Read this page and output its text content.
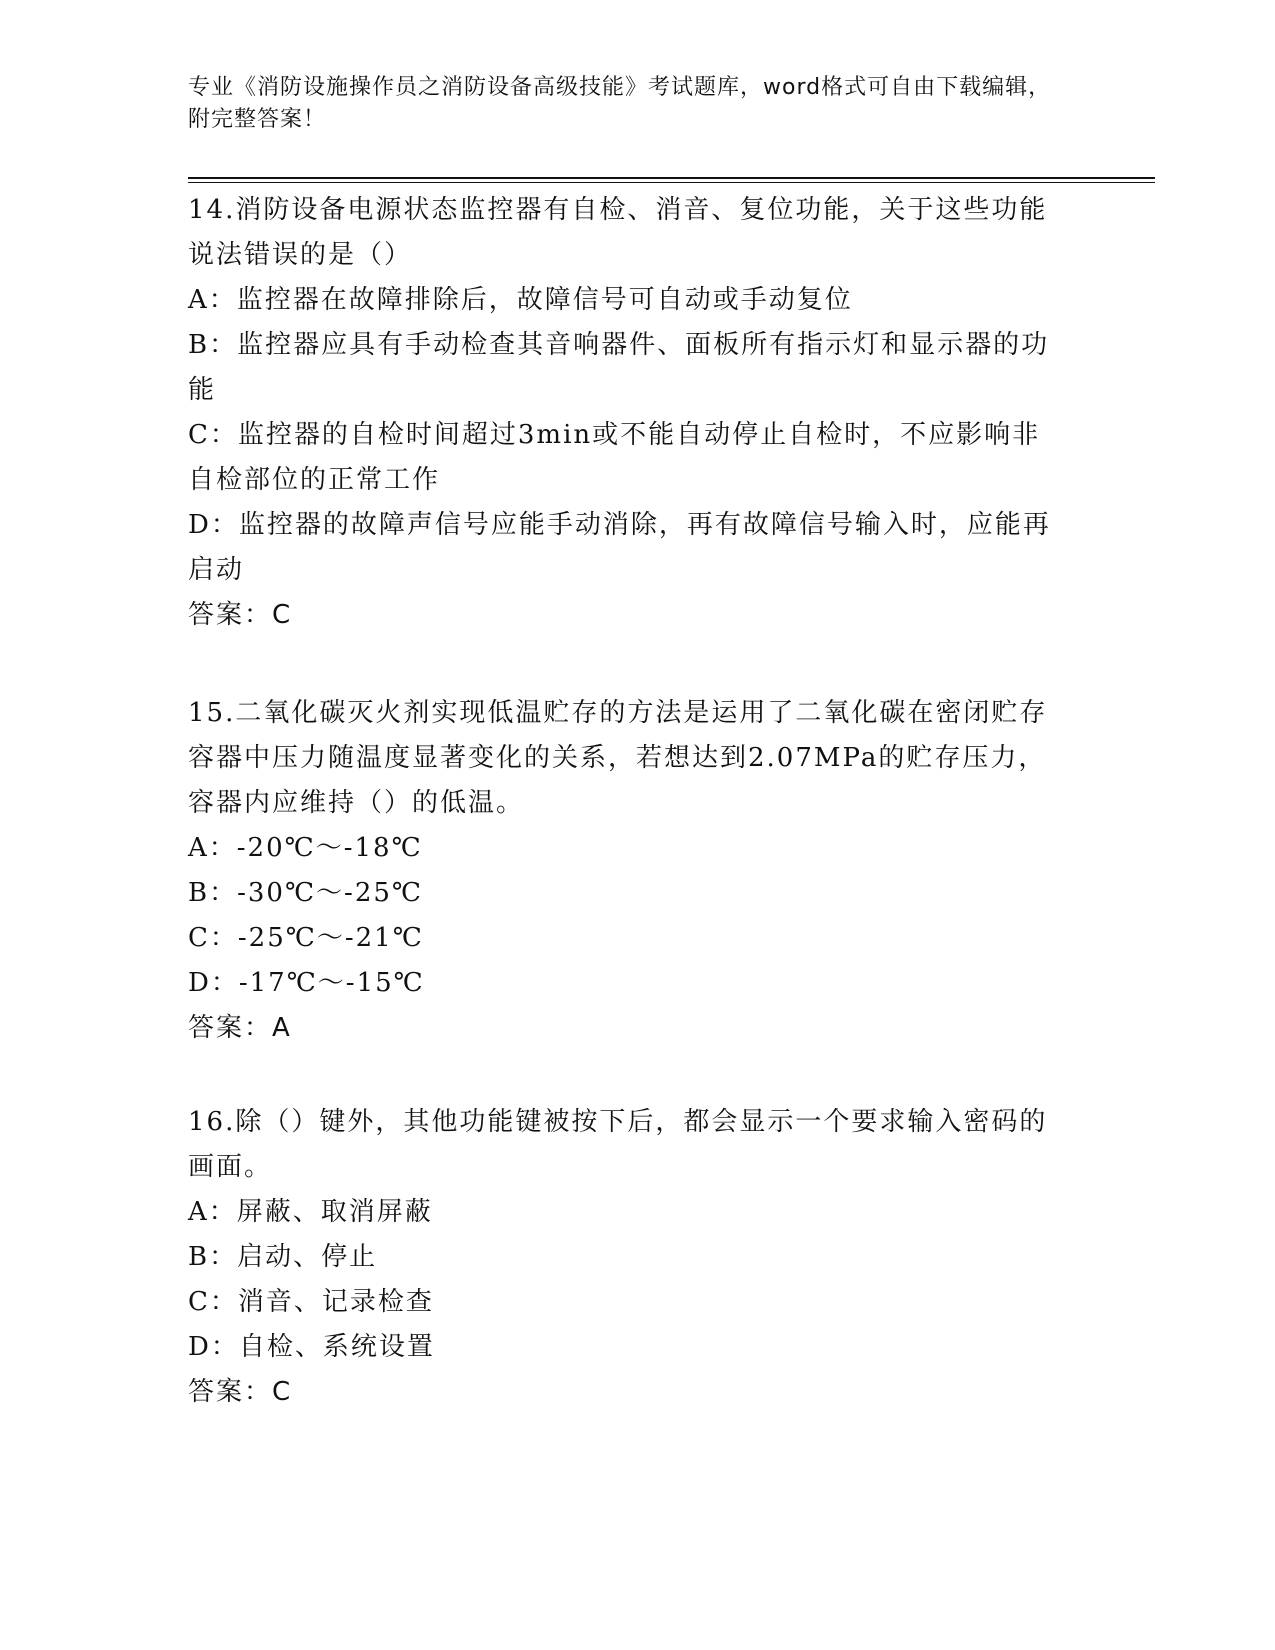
专业《消防设施操作员之消防设备高级技能》考试题库，word格式可自由下载编辑，附完整答案！

14.消防设备电源状态监控器有自检、消音、复位功能，关于这些功能说法错误的是（）

A：监控器在故障排除后，故障信号可自动或手动复位

B：监控器应具有手动检查其音响器件、面板所有指示灯和显示器的功能

C：监控器的自检时间超过3min或不能自动停止自检时，不应影响非自检部位的正常工作

D：监控器的故障声信号应能手动消除，再有故障信号输入时，应能再启动

答案：C

15.二氧化碳灭火剂实现低温贮存的方法是运用了二氧化碳在密闭贮存容器中压力随温度显著变化的关系，若想达到2.07MPa的贮存压力，容器内应维持（）的低温。

A：-20℃～-18℃

B：-30℃～-25℃

C：-25℃～-21℃

D：-17℃～-15℃

答案：A

16.除（）键外，其他功能键被按下后，都会显示一个要求输入密码的画面。

A：屏蔽、取消屏蔽

B：启动、停止

C：消音、记录检查

D：自检、系统设置

答案：C
